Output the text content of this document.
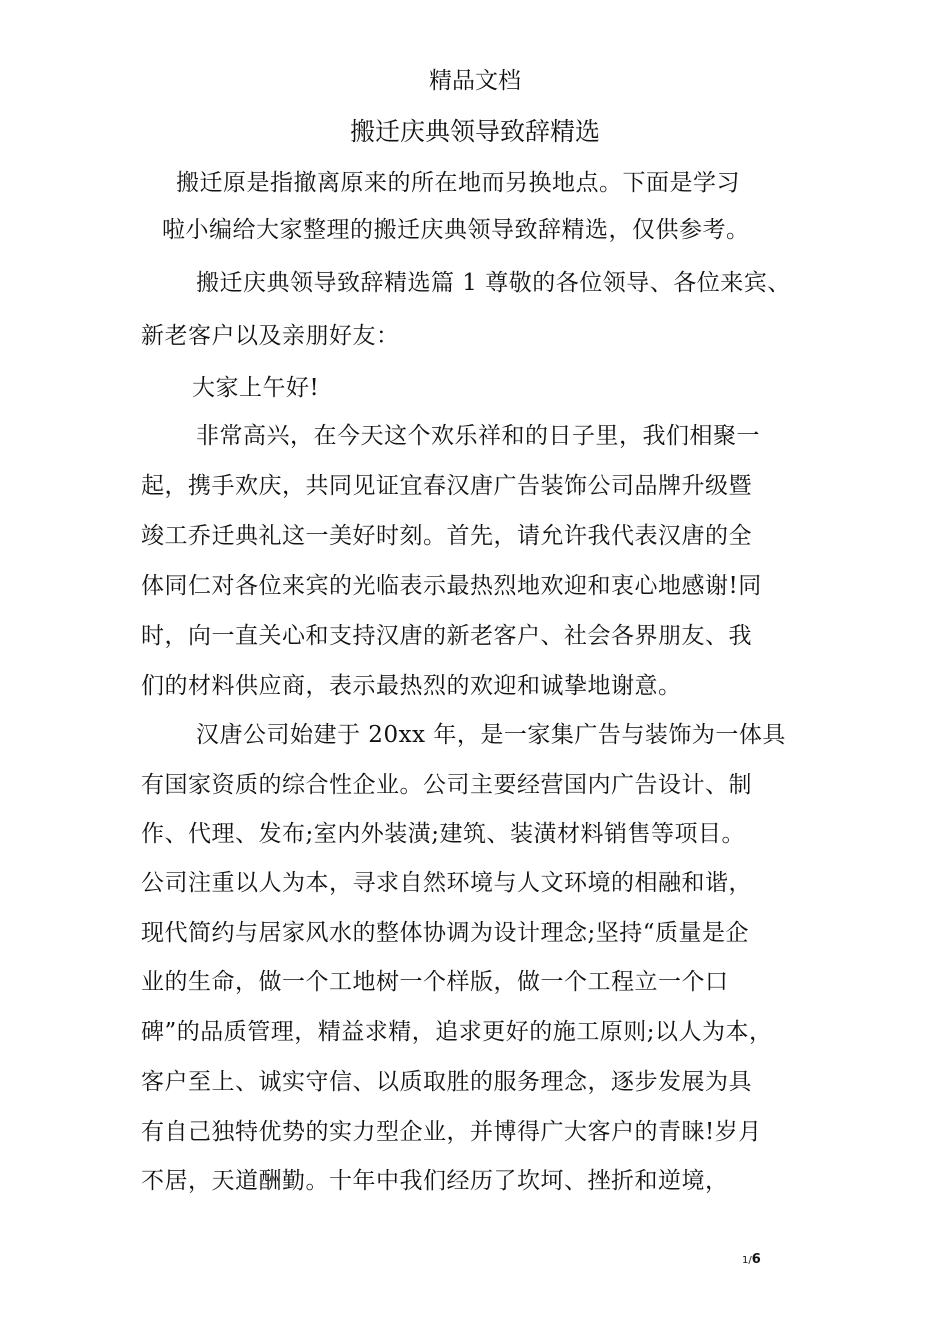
精品文档
搬迁庆典领导致辞精选
搬迁原是指撤离原来的所在地而另换地点。下面是学习
啦小编给大家整理的搬迁庆典领导致辞精选，仅供参考。
搬迁庆典领导致辞精选篇 1 尊敬的各位领导、各位来宾、
新老客户以及亲朋好友：
大家上午好!
非常高兴，在今天这个欢乐祥和的日子里，我们相聚一
起，携手欢庆，共同见证宜春汉唐广告装饰公司品牌升级暨
竣工乔迁典礼这一美好时刻。首先，请允许我代表汉唐的全
体同仁对各位来宾的光临表示最热烈地欢迎和衷心地感谢!同
时，向一直关心和支持汉唐的新老客户、社会各界朋友、我
们的材料供应商，表示最热烈的欢迎和诚挚地谢意。
汉唐公司始建于 20xx 年，是一家集广告与装饰为一体具
有国家资质的综合性企业。公司主要经营国内广告设计、制
作、代理、发布;室内外装潢;建筑、装潢材料销售等项目。
公司注重以人为本，寻求自然环境与人文环境的相融和谐，
现代简约与居家风水的整体协调为设计理念;坚持“质量是企
业的生命，做一个工地树一个样版，做一个工程立一个口
碑”的品质管理，精益求精，追求更好的施工原则;以人为本，
客户至上、诚实守信、以质取胜的服务理念，逐步发展为具
有自己独特优势的实力型企业，并博得广大客户的青睐!岁月
不居，天道酬勤。十年中我们经历了坎坷、挫折和逆境，
1/6
